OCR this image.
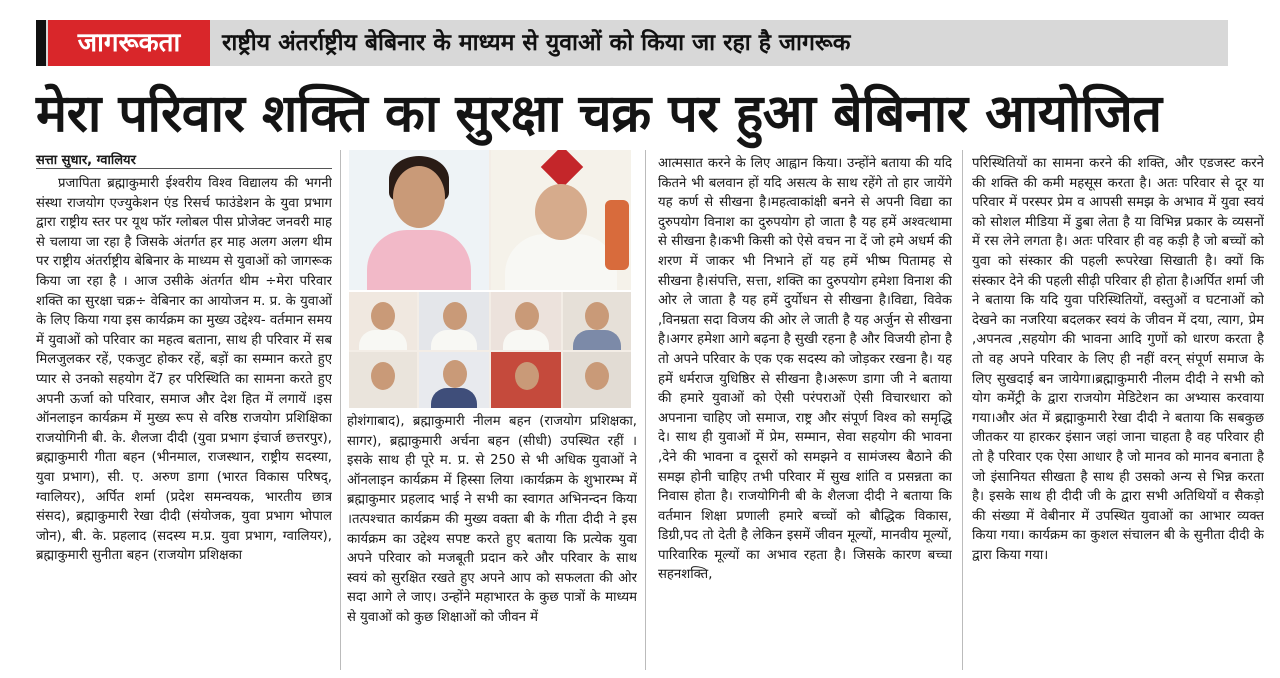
जागरूकता	राष्ट्रीय अंतर्राष्ट्रीय बेबिनार के माध्यम से युवाओं को किया जा रहा है जागरूक
मेरा परिवार शक्ति का सुरक्षा चक्र पर हुआ बेबिनार आयोजित
सत्ता सुधार, ग्वालियर

प्रजापिता ब्रह्माकुमारी ईश्वरीय विश्व विद्यालय की भगनी संस्था राजयोग एज्युकेशन एंड रिसर्च फाउंडेशन के युवा प्रभाग द्वारा राष्ट्रीय स्तर पर यूथ फॉर ग्लोबल पीस प्रोजेक्ट जनवरी माह से चलाया जा रहा है जिसके अंतर्गत हर माह अलग अलग थीम पर राष्ट्रीय अंतर्राष्ट्रीय बेबिनार के माध्यम से युवाओं को जागरूक किया जा रहा है । आज उसीके अंतर्गत थीम ÷मेरा परिवार शक्ति का सुरक्षा चक्र÷ वेबिनार का आयोजन म. प्र. के युवाओं के लिए किया गया इस कार्यक्रम का मुख्य उद्देश्य- वर्तमान समय में युवाओं को परिवार का महत्व बताना, साथ ही परिवार में सब मिलजुलकर रहें, एकजुट होकर रहें, बड़ों का सम्मान करते हुए प्यार से उनको सहयोग दें7 हर परिस्थिति का सामना करते हुए अपनी ऊर्जा को परिवार, समाज और देश हित में लगायें ।इस ऑनलाइन कार्यक्रम में मुख्य रूप से वरिष्ठ राजयोग प्रशिक्षिका राजयोगिनी बी. के. शैलजा दीदी (युवा प्रभाग इंचार्ज छत्तरपुर), ब्रह्माकुमारी गीता बहन (भीनमाल, राजस्थान, राष्ट्रीय सदस्या, युवा प्रभाग), सी. ए. अरुण डागा (भारत विकास परिषद्, ग्वालियर), अर्पित शर्मा (प्रदेश समन्वयक, भारतीय छात्र संसद), ब्रह्माकुमारी रेखा दीदी (संयोजक, युवा प्रभाग भोपाल जोन), बी. के. प्रहलाद (सदस्य म.प्र. युवा प्रभाग, ग्वालियर), ब्रह्माकुमारी सुनीता बहन (राजयोग प्रशिक्षका

होशंगाबाद), ब्रह्माकुमारी नीलम बहन (राजयोग प्रशिक्षका, सागर), ब्रह्माकुमारी अर्चना बहन (सीधी) उपस्थित रहीं । इसके साथ ही पूरे म. प्र. से 250 से भी अधिक युवाओं ने ऑनलाइन कार्यक्रम में हिस्सा लिया ।कार्यक्रम के शुभारम्भ में ब्रह्माकुमार प्रहलाद भाई ने सभी का स्वागत अभिनन्दन किया ।तत्पश्चात कार्यक्रम की मुख्य वक्ता बी के गीता दीदी ने इस कार्यक्रम का उद्देश्य सपष्ट करते हुए बताया कि प्रत्येक युवा अपने परिवार को मजबूती प्रदान करे और परिवार के साथ स्वयं को सुरक्षित रखते हुए अपने आप को सफलता की ओर सदा आगे ले जाए। उन्होंने महाभारत के कुछ पात्रों के माध्यम से युवाओं को कुछ शिक्षाओं को जीवन में

आत्मसात करने के लिए आह्वान किया। उन्होंने बताया की यदि कितने भी बलवान हों यदि असत्य के साथ रहेंगे तो हार जायेंगे यह कर्ण से सीखना है।महत्वाकांक्षी बनने से अपनी विद्या का दुरुपयोग विनाश का दुरुपयोग हो जाता है यह हमें अश्वत्थामा से सीखना है।कभी किसी को ऐसे वचन ना दें जो हमे अधर्म की शरण में जाकर भी निभाने हों यह हमें भीष्म पितामह से सीखना है।संपत्ति, सत्ता, शक्ति का दुरुपयोग हमेशा विनाश की ओर ले जाता है यह हमें दुर्योधन से सीखना है।विद्या, विवेक ,विनम्रता सदा विजय की ओर ले जाती है यह अर्जुन से सीखना है।अगर हमेशा आगे बढ़ना है सुखी रहना है और विजयी होना है तो अपने परिवार के एक एक सदस्य को जोड़कर रखना है। यह हमें धर्मराज युधिष्ठिर से सीखना है।अरूण डागा जी ने बताया की हमारे युवाओं को ऐसी परंपराओं ऐसी विचारधारा को अपनाना चाहिए जो समाज, राष्ट्र और संपूर्ण विश्व को समृद्धि दे। साथ ही युवाओं में प्रेम, सम्मान, सेवा सहयोग की भावना ,देने की भावना व दूसरों को समझने व सामंजस्य बैठाने की समझ होनी चाहिए तभी परिवार में सुख शांति व प्रसन्नता का निवास होता है। राजयोगिनी बी के शैलजा दीदी ने बताया कि वर्तमान शिक्षा प्रणाली हमारे बच्चों को बौद्धिक विकास, डिग्री,पद तो देती है लेकिन इसमें जीवन मूल्यों, मानवीय मूल्यों, पारिवारिक मूल्यों का अभाव रहता है। जिसके कारण बच्चा सहनशक्ति,

परिस्थितियों का सामना करने की शक्ति, और एडजस्ट करने की शक्ति की कमी महसूस करता है। अतः परिवार से दूर या परिवार में परस्पर प्रेम व आपसी समझ के अभाव में युवा स्वयं को सोशल मीडिया में डुबा लेता है या विभिन्न प्रकार के व्यसनों में रस लेने लगता है। अतः परिवार ही वह कड़ी है जो बच्चों को युवा को संस्कार की पहली रूपरेखा सिखाती है। क्यों कि संस्कार देने की पहली सीढ़ी परिवार ही होता है।अर्पित शर्मा जी ने बताया कि यदि युवा परिस्थितियों, वस्तुओं व घटनाओं को देखने का नजरिया बदलकर स्वयं के जीवन में दया, त्याग, प्रेम ,अपनत्व ,सहयोग की भावना आदि गुणों को धारण करता है तो वह अपने परिवार के लिए ही नहीं वरन् संपूर्ण समाज के लिए सुखदाई बन जायेगा।ब्रह्माकुमारी नीलम दीदी ने सभी को योग कमेंट्री के द्वारा राजयोग मेडिटेशन का अभ्यास करवाया गया।और अंत में ब्रह्माकुमारी रेखा दीदी ने बताया कि सबकुछ जीतकर या हारकर इंसान जहां जाना चाहता है वह परिवार ही तो है परिवार एक ऐसा आधार है जो मानव को मानव बनाता है जो इंसानियत सीखता है साथ ही उसको अन्य से भिन्न करता है। इसके साथ ही दीदी जी के द्वारा सभी अतिथियों व सैकड़ो की संख्या में वेबीनार में उपस्थित युवाओं का आभार व्यक्त किया गया। कार्यक्रम का कुशल संचालन बी के सुनीता दीदी के द्वारा किया गया।
